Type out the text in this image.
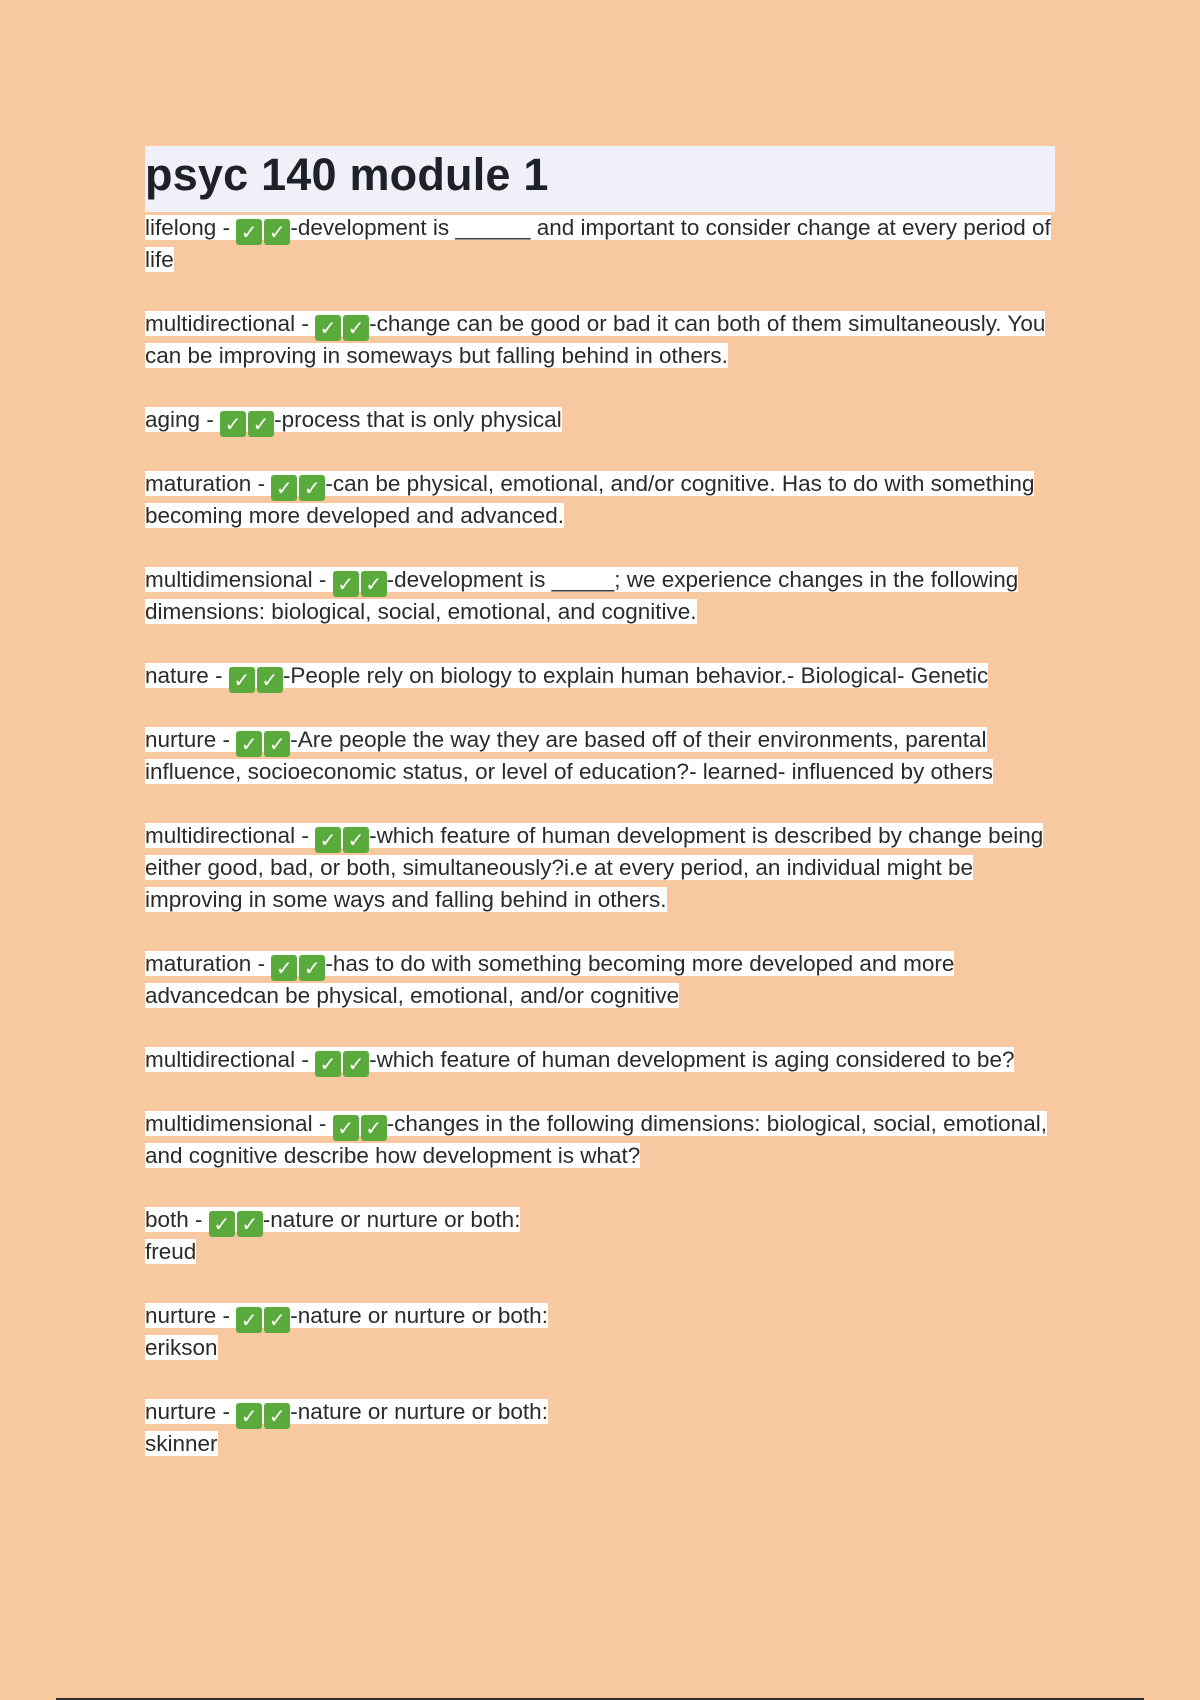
psyc 140 module 1
lifelong - ✓ ✓ -development is ______ and important to consider change at every period of life
multidirectional - ✓ ✓ -change can be good or bad it can both of them simultaneously. You can be improving in someways but falling behind in others.
aging - ✓ ✓ -process that is only physical
maturation - ✓ ✓ -can be physical, emotional, and/or cognitive. Has to do with something becoming more developed and advanced.
multidimensional - ✓ ✓ -development is _____; we experience changes in the following dimensions: biological, social, emotional, and cognitive.
nature - ✓ ✓ -People rely on biology to explain human behavior.- Biological- Genetic
nurture - ✓ ✓ -Are people the way they are based off of their environments, parental influence, socioeconomic status, or level of education?- learned- influenced by others
multidirectional - ✓ ✓ -which feature of human development is described by change being either good, bad, or both, simultaneously?i.e at every period, an individual might be improving in some ways and falling behind in others.
maturation - ✓ ✓ -has to do with something becoming more developed and more advancedcan be physical, emotional, and/or cognitive
multidirectional - ✓ ✓ -which feature of human development is aging considered to be?
multidimensional - ✓ ✓ -changes in the following dimensions: biological, social, emotional, and cognitive describe how development is what?
both - ✓ ✓ -nature or nurture or both:
freud
nurture - ✓ ✓ -nature or nurture or both:
erikson
nurture - ✓ ✓ -nature or nurture or both:
skinner
